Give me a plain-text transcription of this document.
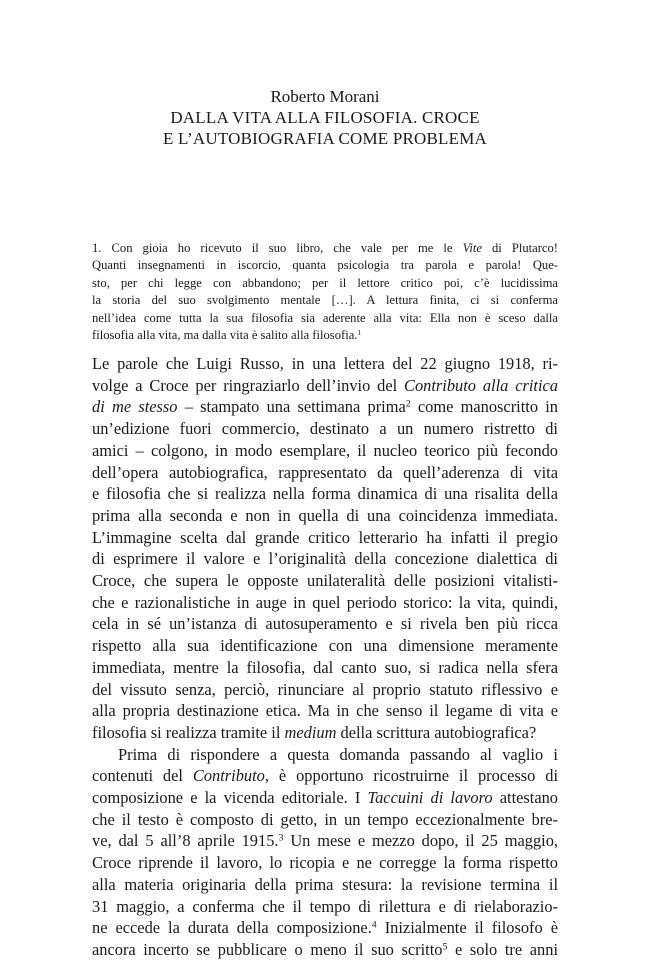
Roberto Morani
DALLA VITA ALLA FILOSOFIA. CROCE
E L’AUTOBIOGRAFIA COME PROBLEMA
1. Con gioia ho ricevuto il suo libro, che vale per me le Vite di Plutarco!
Quanti insegnamenti in iscorcio, quanta psicologia tra parola e parola! Que-
sto, per chi legge con abbandono; per il lettore critico poi, c’è lucidissima
la storia del suo svolgimento mentale […]. A lettura finita, ci si conferma
nell’idea come tutta la sua filosofia sia aderente alla vita: Ella non è sceso dalla
filosofia alla vita, ma dalla vita è salito alla filosofia.$^1$

Le parole che Luigi Russo, in una lettera del 22 giugno 1918, ri-
volge a Croce per ringraziarlo dell’invio del Contributo alla critica
di me stesso – stampato una settimana prima$^2$ come manoscritto in
un’edizione fuori commercio, destinato a un numero ristretto di
amici – colgono, in modo esemplare, il nucleo teorico più fecondo
dell’opera autobiografica, rappresentato da quell’aderenza di vita
e filosofia che si realizza nella forma dinamica di una risalita della
prima alla seconda e non in quella di una coincidenza immediata.
L’immagine scelta dal grande critico letterario ha infatti il pregio
di esprimere il valore e l’originalità della concezione dialettica di
Croce, che supera le opposte unilateralità delle posizioni vitalisti-
che e razionalistiche in auge in quel periodo storico: la vita, quindi,
cela in sé un’istanza di autosuperamento e si rivela ben più ricca
rispetto alla sua identificazione con una dimensione meramente
immediata, mentre la filosofia, dal canto suo, si radica nella sfera
del vissuto senza, perciò, rinunciare al proprio statuto riflessivo e
alla propria destinazione etica. Ma in che senso il legame di vita e
filosofia si realizza tramite il medium della scrittura autobiografica?

Prima di rispondere a questa domanda passando al vaglio i
contenuti del Contributo, è opportuno ricostruirne il processo di
composizione e la vicenda editoriale. I Taccuini di lavoro attestano
che il testo è composto di getto, in un tempo eccezionalmente bre-
ve, dal 5 all’8 aprile 1915.$^3$ Un mese e mezzo dopo, il 25 maggio,
Croce riprende il lavoro, lo ricopia e ne corregge la forma rispetto
alla materia originaria della prima stesura: la revisione termina il
31 maggio, a conferma che il tempo di rilettura e di rielaborazio-
ne eccede la durata della composizione.$^4$ Inizialmente il filosofo è
ancora incerto se pubblicare o meno il suo scritto$^5$ e solo tre anni
